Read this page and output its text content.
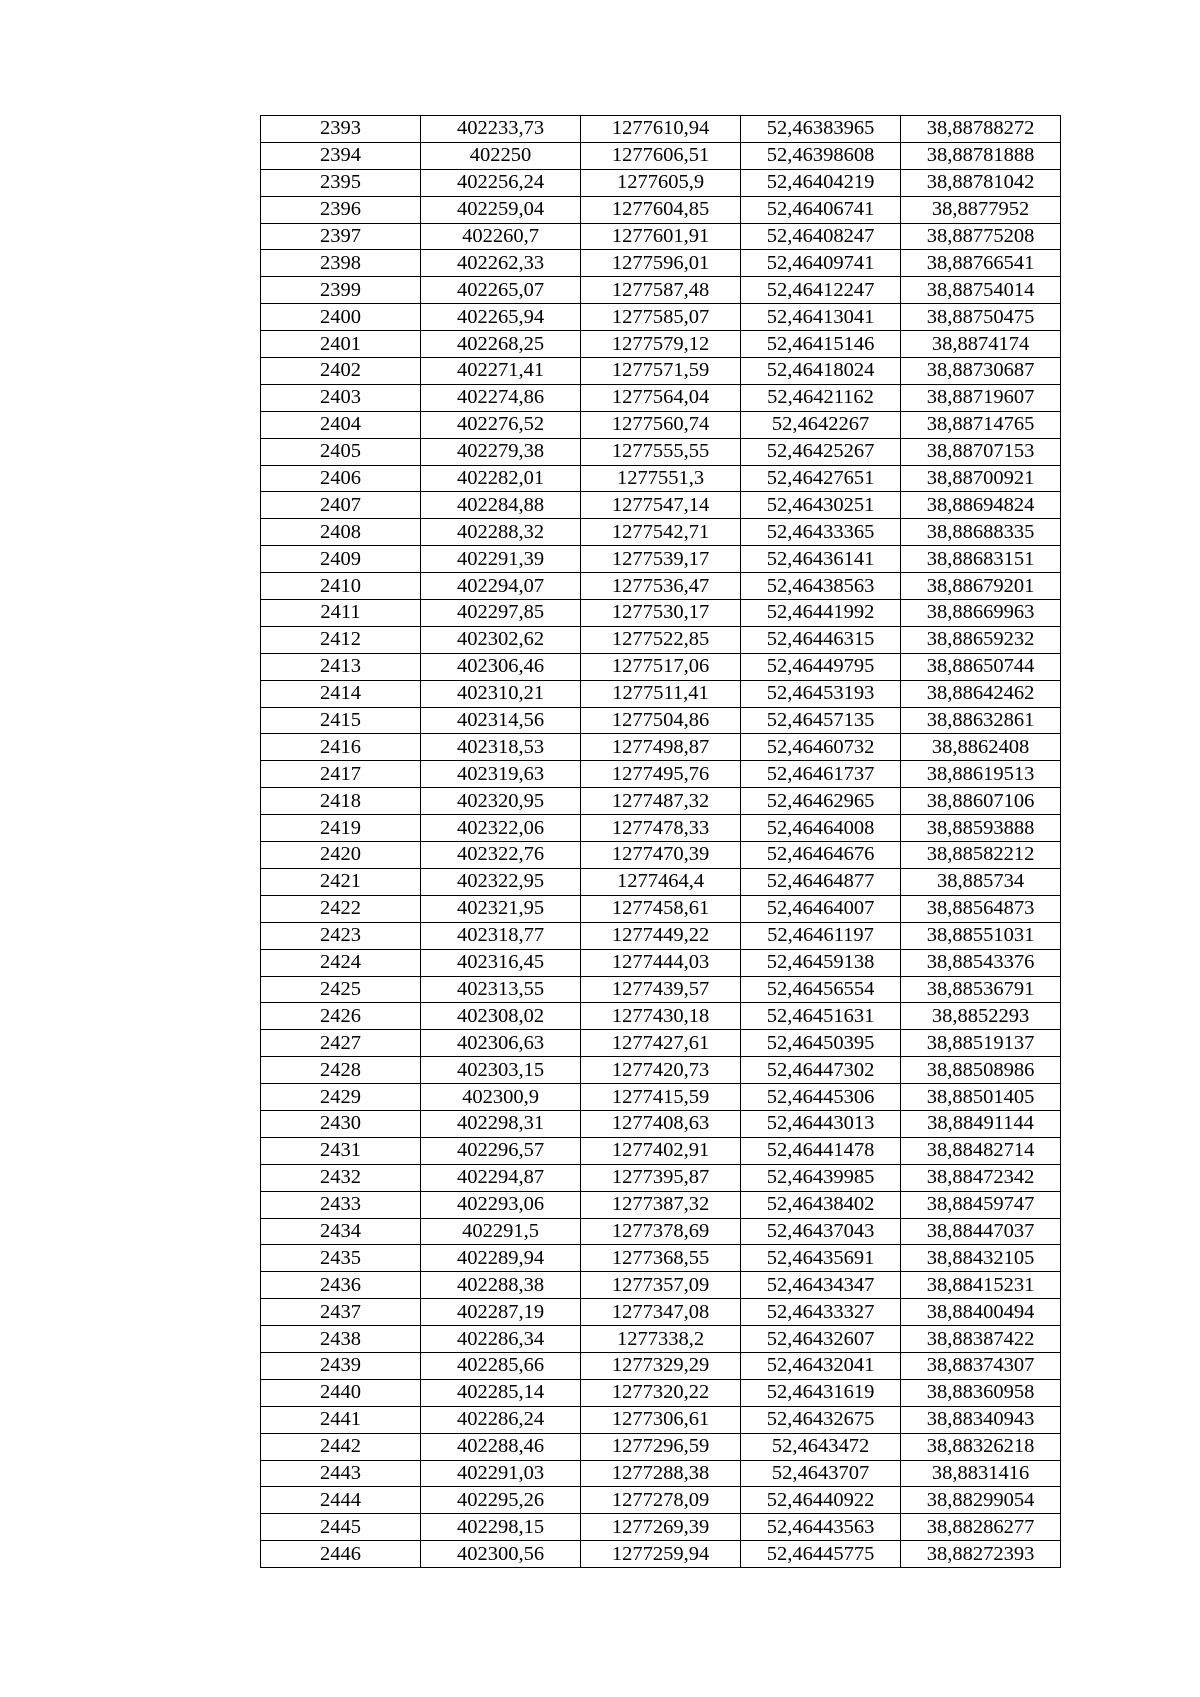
2393	402233,73	1277610,94	52,46383965	38,88788272
2394	402250	1277606,51	52,46398608	38,88781888
2395	402256,24	1277605,9	52,46404219	38,88781042
2396	402259,04	1277604,85	52,46406741	38,8877952
2397	402260,7	1277601,91	52,46408247	38,88775208
2398	402262,33	1277596,01	52,46409741	38,88766541
2399	402265,07	1277587,48	52,46412247	38,88754014
2400	402265,94	1277585,07	52,46413041	38,88750475
2401	402268,25	1277579,12	52,46415146	38,8874174
2402	402271,41	1277571,59	52,46418024	38,88730687
2403	402274,86	1277564,04	52,46421162	38,88719607
2404	402276,52	1277560,74	52,4642267	38,88714765
2405	402279,38	1277555,55	52,46425267	38,88707153
2406	402282,01	1277551,3	52,46427651	38,88700921
2407	402284,88	1277547,14	52,46430251	38,88694824
2408	402288,32	1277542,71	52,46433365	38,88688335
2409	402291,39	1277539,17	52,46436141	38,88683151
2410	402294,07	1277536,47	52,46438563	38,88679201
2411	402297,85	1277530,17	52,46441992	38,88669963
2412	402302,62	1277522,85	52,46446315	38,88659232
2413	402306,46	1277517,06	52,46449795	38,88650744
2414	402310,21	1277511,41	52,46453193	38,88642462
2415	402314,56	1277504,86	52,46457135	38,88632861
2416	402318,53	1277498,87	52,46460732	38,8862408
2417	402319,63	1277495,76	52,46461737	38,88619513
2418	402320,95	1277487,32	52,46462965	38,88607106
2419	402322,06	1277478,33	52,46464008	38,88593888
2420	402322,76	1277470,39	52,46464676	38,88582212
2421	402322,95	1277464,4	52,46464877	38,885734
2422	402321,95	1277458,61	52,46464007	38,88564873
2423	402318,77	1277449,22	52,46461197	38,88551031
2424	402316,45	1277444,03	52,46459138	38,88543376
2425	402313,55	1277439,57	52,46456554	38,88536791
2426	402308,02	1277430,18	52,46451631	38,8852293
2427	402306,63	1277427,61	52,46450395	38,88519137
2428	402303,15	1277420,73	52,46447302	38,88508986
2429	402300,9	1277415,59	52,46445306	38,88501405
2430	402298,31	1277408,63	52,46443013	38,88491144
2431	402296,57	1277402,91	52,46441478	38,88482714
2432	402294,87	1277395,87	52,46439985	38,88472342
2433	402293,06	1277387,32	52,46438402	38,88459747
2434	402291,5	1277378,69	52,46437043	38,88447037
2435	402289,94	1277368,55	52,46435691	38,88432105
2436	402288,38	1277357,09	52,46434347	38,88415231
2437	402287,19	1277347,08	52,46433327	38,88400494
2438	402286,34	1277338,2	52,46432607	38,88387422
2439	402285,66	1277329,29	52,46432041	38,88374307
2440	402285,14	1277320,22	52,46431619	38,88360958
2441	402286,24	1277306,61	52,46432675	38,88340943
2442	402288,46	1277296,59	52,4643472	38,88326218
2443	402291,03	1277288,38	52,4643707	38,8831416
2444	402295,26	1277278,09	52,46440922	38,88299054
2445	402298,15	1277269,39	52,46443563	38,88286277
2446	402300,56	1277259,94	52,46445775	38,88272393
